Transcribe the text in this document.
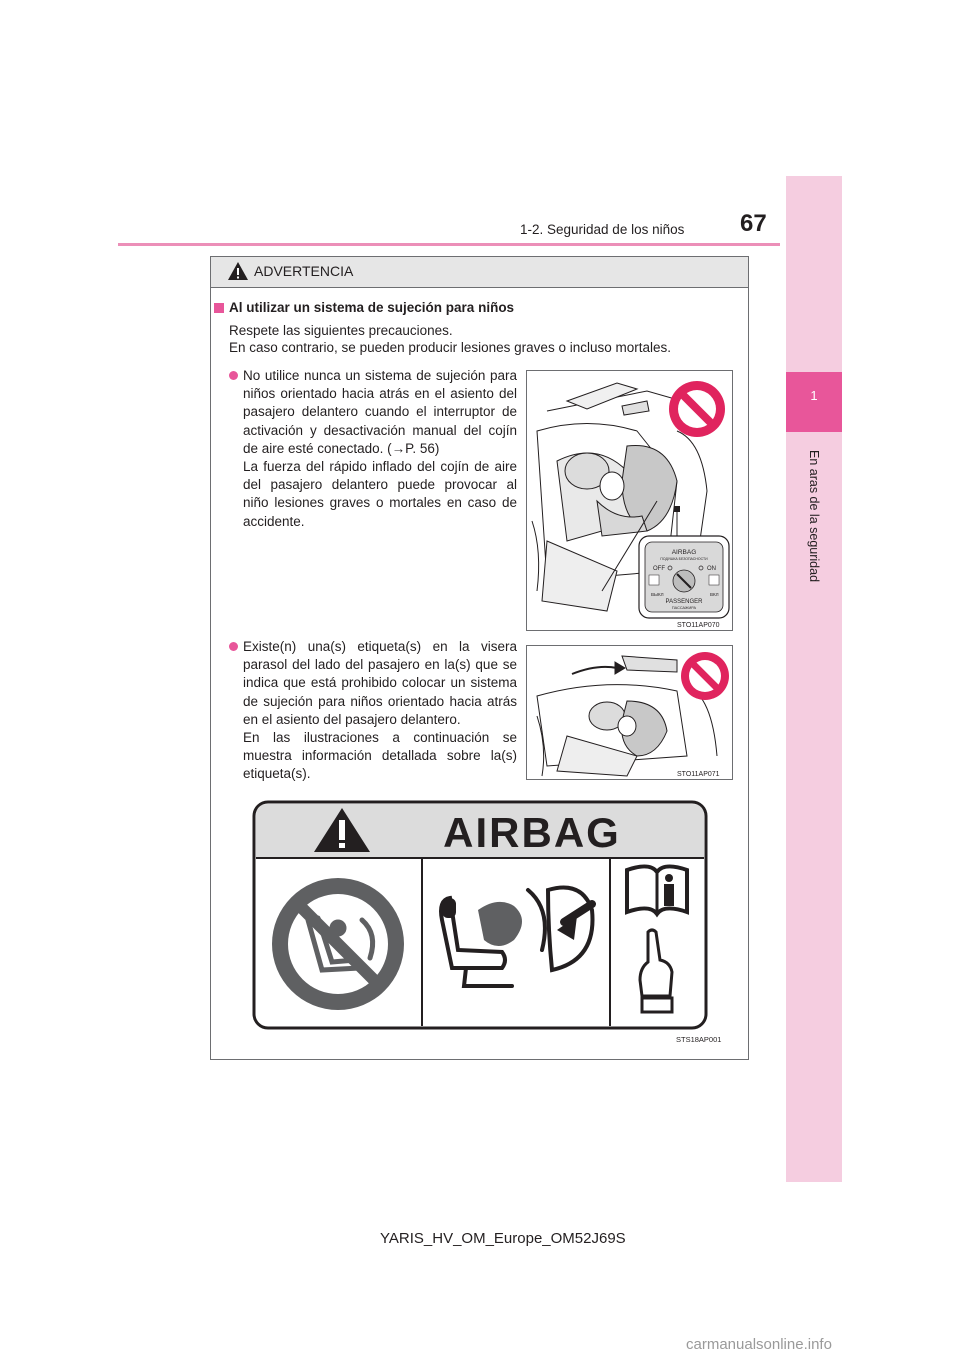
1-2. Seguridad de los niños 67
1
En aras de la seguridad
ADVERTENCIA
Al utilizar un sistema de sujeción para niños
Respete las siguientes precauciones.
En caso contrario, se pueden producir lesiones graves o incluso mortales.
No utilice nunca un sistema de sujeción para niños orientado hacia atrás en el asiento del pasajero delantero cuando el interruptor de activación y desactivación manual del cojín de aire esté conectado. (→P. 56)
La fuerza del rápido inflado del cojín de aire del pasajero delantero puede provocar al niño lesiones graves o mortales en caso de accidente.
AIRBAG
ПОДУШКА БЕЗОПАСНОСТИ
OFF	ON
ВЫКЛ	ВКЛ
PASSENGER
ПАССАЖИРА
STO11AP070
Existe(n) una(s) etiqueta(s) en la visera parasol del lado del pasajero en la(s) que se indica que está prohibido colocar un sistema de sujeción para niños orientado hacia atrás en el asiento del pasajero delantero.
En las ilustraciones a continuación se muestra información detallada sobre la(s) etiqueta(s).	STO11AP071
AIRBAG
STS18AP001
YARIS_HV_OM_Europe_OM52J69S
carmanualsonline.info
